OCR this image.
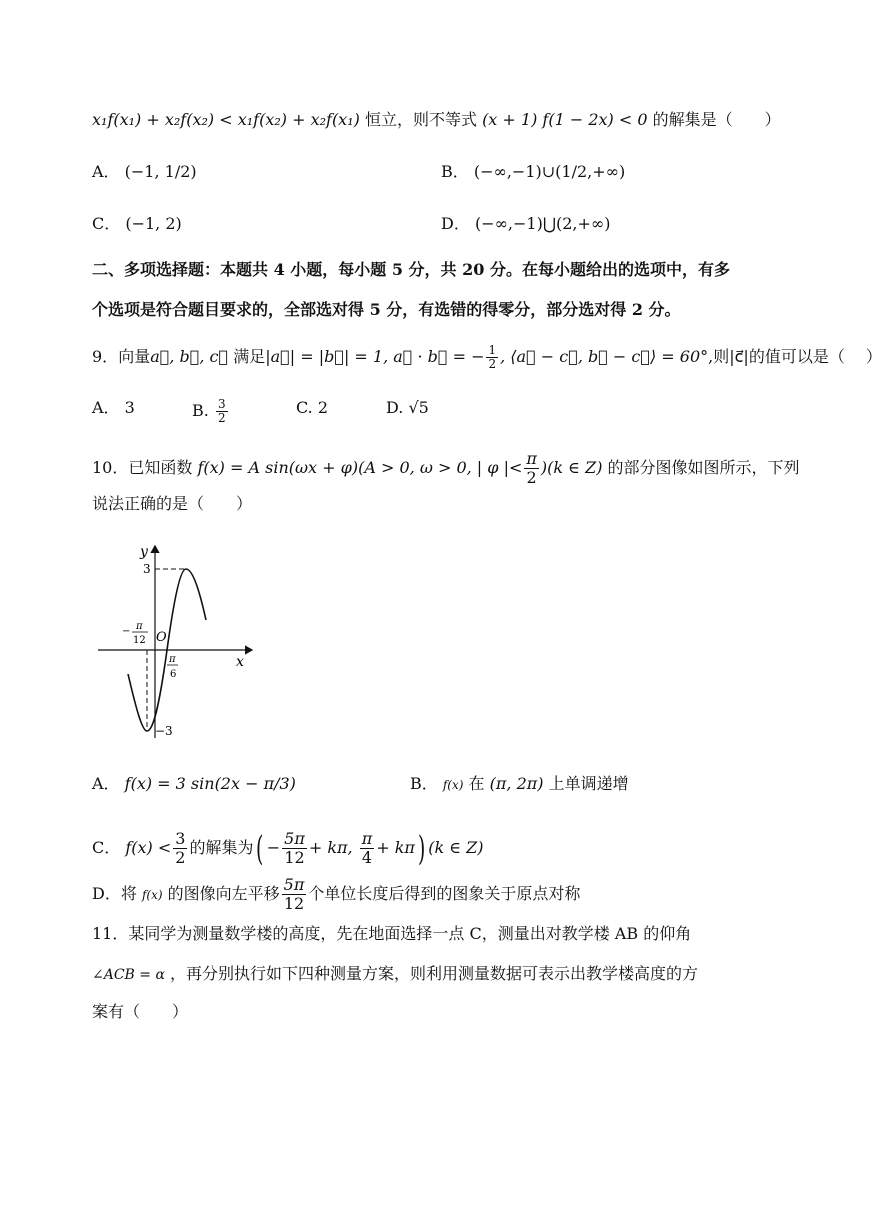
x₁f(x₁) + x₂f(x₂) < x₁f(x₂) + x₂f(x₁) 恒立，则不等式 (x + 1) f(1 − 2x) < 0 的解集是（　　）
A． (−1, 1/2)	B． (−∞,−1)∪(1/2,+∞)
C． (−1, 2)	D． (−∞,−1)⋃(2,+∞)
二、多项选择题：本题共 4 小题，每小题 5 分，共 20 分。在每小题给出的选项中，有多
个选项是符合题目要求的，全部选对得 5 分，有选错的得零分，部分选对得 2 分。
9．向量a⃗, b⃗, c⃗ 满足|a⃗| = |b⃗| = 1, a⃗ · b⃗ = − $\frac{1}{2}$ , ⟨a⃗ − c⃗, b⃗ − c⃗⟩ = 60°,则|c⃗|的值可以是（　 ）
A． 3	B. $\frac{3}{2}$	C. 2	D. √5
10．已知函数 f(x) = A sin(ωx + φ)(A > 0, ω > 0, | φ |< $\frac{\pi}{2} )(k$ ∈ Z) 的部分图像如图所示，下列
说法正确的是（　　）
y
x
O
3
−3
− π
12
π
6
A． f(x) = 3 sin(2x − π/3)	B． f(x) 在 (π, 2π) 上单调递增
C． $f(x) < \frac{3}{2}$ 的解集为( − $\frac{5\pi}{12} + k\pi$, $\frac{\pi}{4} + k\pi$) (k ∈ Z)
D．将 f(x) 的图像向左平移 $\frac{5\pi}{12}$ 个单位长度后得到的图象关于原点对称
11．某同学为测量数学楼的高度，先在地面选择一点 C，测量出对教学楼 AB 的仰角
∠ACB = α ，再分别执行如下四种测量方案，则利用测量数据可表示出教学楼高度的方
案有（　　）
